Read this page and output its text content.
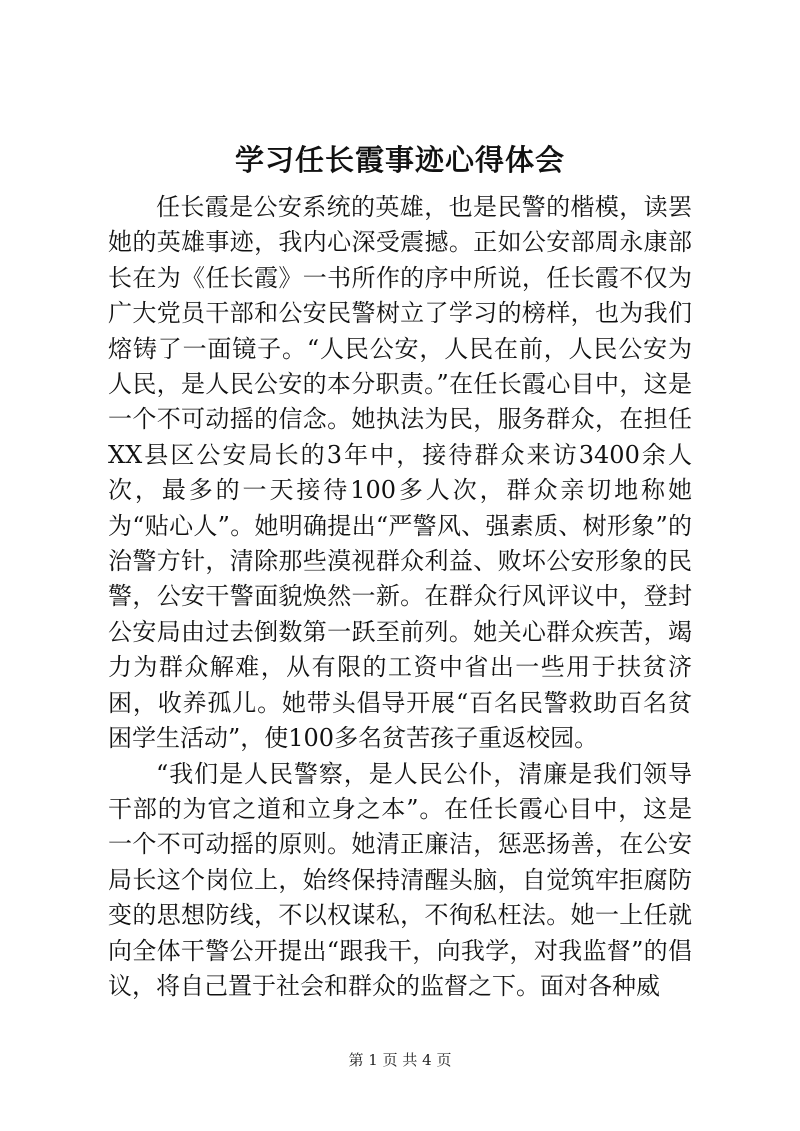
学习任长霞事迹心得体会

任长霞是公安系统的英雄，也是民警的楷模，读罢她的英雄事迹，我内心深受震撼。正如公安部周永康部长在为《任长霞》一书所作的序中所说，任长霞不仅为广大党员干部和公安民警树立了学习的榜样，也为我们熔铸了一面镜子。“人民公安，人民在前，人民公安为人民，是人民公安的本分职责。”在任长霞心目中，这是一个不可动摇的信念。她执法为民，服务群众，在担任XX县区公安局长的3年中，接待群众来访3400余人次，最多的一天接待100多人次，群众亲切地称她为“贴心人”。她明确提出“严警风、强素质、树形象”的治警方针，清除那些漠视群众利益、败坏公安形象的民警，公安干警面貌焕然一新。在群众行风评议中，登封公安局由过去倒数第一跃至前列。她关心群众疾苦，竭力为群众解难，从有限的工资中省出一些用于扶贫济困，收养孤儿。她带头倡导开展“百名民警救助百名贫困学生活动”，使100多名贫苦孩子重返校园。

“我们是人民警察，是人民公仆，清廉是我们领导干部的为官之道和立身之本”。在任长霞心目中，这是一个不可动摇的原则。她清正廉洁，惩恶扬善，在公安局长这个岗位上，始终保持清醒头脑，自觉筑牢拒腐防变的思想防线，不以权谋私，不徇私枉法。她一上任就向全体干警公开提出“跟我干，向我学，对我监督”的倡议，将自己置于社会和群众的监督之下。面对各种威

第 1 页 共 4 页
